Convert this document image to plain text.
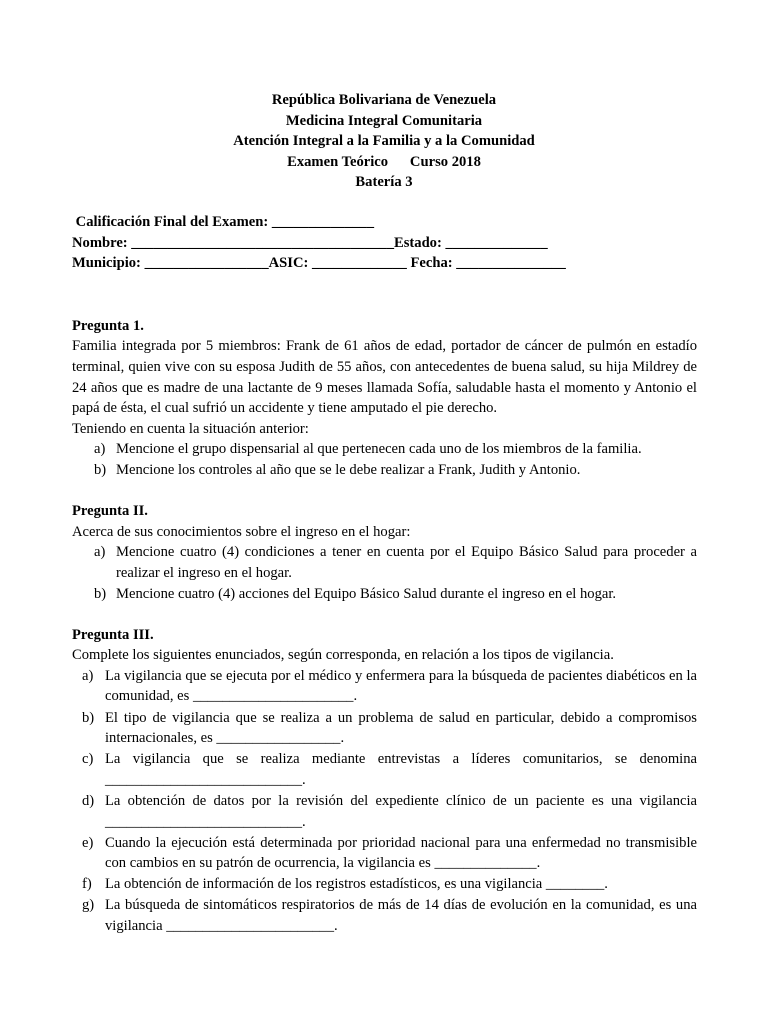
República Bolivariana de Venezuela
Medicina Integral Comunitaria
Atención Integral a la Familia y a la Comunidad
Examen Teórico      Curso 2018
Batería 3
Calificación Final del Examen: ______________
Nombre: ____________________________________Estado: ______________
Municipio: _________________ASIC: _____________ Fecha: _______________

Pregunta 1.

Familia integrada por 5 miembros: Frank de 61 años de edad, portador de cáncer de pulmón en estadío terminal, quien vive con su esposa Judith de 55 años, con antecedentes de buena salud, su hija Mildrey de 24 años que es madre de una lactante de 9 meses llamada Sofía, saludable hasta el momento y Antonio el papá de ésta, el cual sufrió un accidente y tiene amputado el pie derecho.

Teniendo en cuenta la situación anterior:

a) Mencione el grupo dispensarial al que pertenecen cada uno de los miembros de la familia.
b) Mencione los controles al año que se le debe realizar a Frank, Judith y Antonio.

Pregunta II.

Acerca de sus conocimientos sobre el ingreso en el hogar:

a) Mencione cuatro (4) condiciones a tener en cuenta por el Equipo Básico Salud para proceder a realizar el ingreso en el hogar.
b) Mencione cuatro (4) acciones del Equipo Básico Salud durante el ingreso en el hogar.

Pregunta III.

Complete los siguientes enunciados, según corresponda, en relación a los tipos de vigilancia.

a) La vigilancia que se ejecuta por el médico y enfermera para la búsqueda de pacientes diabéticos en la comunidad, es ______________________.
b) El tipo de vigilancia que se realiza a un problema de salud en particular, debido a compromisos internacionales, es _________________.
c) La vigilancia que se realiza mediante entrevistas a líderes comunitarios, se denomina ___________________________.
d) La obtención de datos por la revisión del expediente clínico de un paciente es una vigilancia ___________________________.
e) Cuando la ejecución está determinada por prioridad nacional para una enfermedad no transmisible con cambios en su patrón de ocurrencia, la vigilancia es ______________.
f) La obtención de información de los registros estadísticos, es una vigilancia ________.
g) La búsqueda de sintomáticos respiratorios de más de 14 días de evolución en la comunidad, es una vigilancia _______________________.
